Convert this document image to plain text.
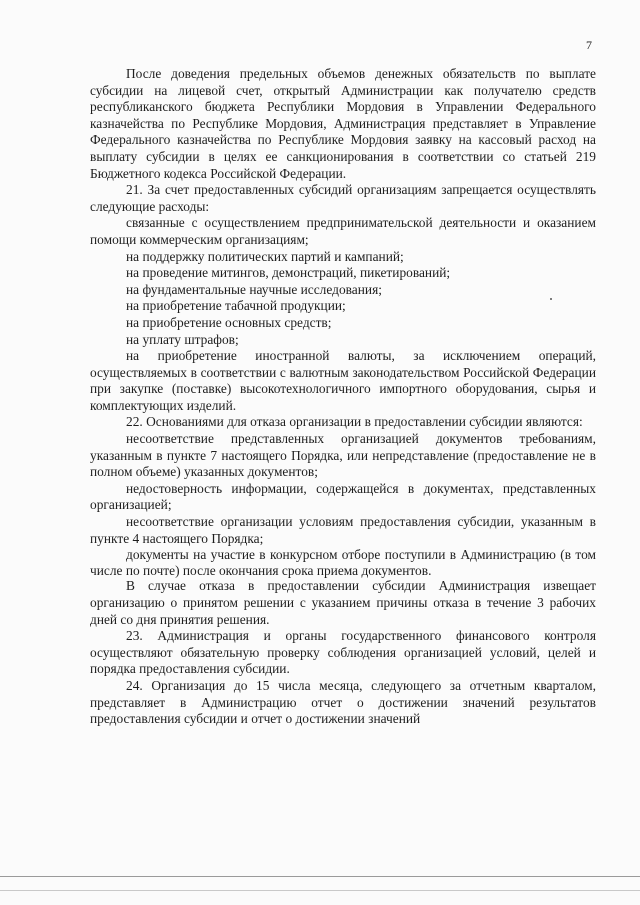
7

После доведения предельных объемов денежных обязательств по выплате субсидии на лицевой счет, открытый Администрации как получателю средств республиканского бюджета Республики Мордовия в Управлении Федерального казначейства по Республике Мордовия, Администрация представляет в Управление Федерального казначейства по Республике Мордовия заявку на кассовый расход на выплату субсидии в целях ее санкционирования в соответствии со статьей 219 Бюджетного кодекса Российской Федерации.

21. За счет предоставленных субсидий организациям запрещается осуществлять следующие расходы:

связанные с осуществлением предпринимательской деятельности и оказанием помощи коммерческим организациям;

на поддержку политических партий и кампаний;

на проведение митингов, демонстраций, пикетирований;

на фундаментальные научные исследования;

на приобретение табачной продукции;

на приобретение основных средств;

на уплату штрафов;

на приобретение иностранной валюты, за исключением операций, осуществляемых в соответствии с валютным законодательством Российской Федерации при закупке (поставке) высокотехнологичного импортного оборудования, сырья и комплектующих изделий.

22. Основаниями для отказа организации в предоставлении субсидии являются:

несоответствие представленных организацией документов требованиям, указанным в пункте 7 настоящего Порядка, или непредставление (предоставление не в полном объеме) указанных документов;

недостоверность информации, содержащейся в документах, представленных организацией;

несоответствие организации условиям предоставления субсидии, указанным в пункте 4 настоящего Порядка;

документы на участие в конкурсном отборе поступили в Администрацию (в том числе по почте) после окончания срока приема документов.

В случае отказа в предоставлении субсидии Администрация извещает организацию о принятом решении с указанием причины отказа в течение 3 рабочих дней со дня принятия решения.

23. Администрация и органы государственного финансового контроля осуществляют обязательную проверку соблюдения организацией условий, целей и порядка предоставления субсидии.

24. Организация до 15 числа месяца, следующего за отчетным кварталом, представляет в Администрацию отчет о достижении значений результатов предоставления субсидии и отчет о достижении значений
